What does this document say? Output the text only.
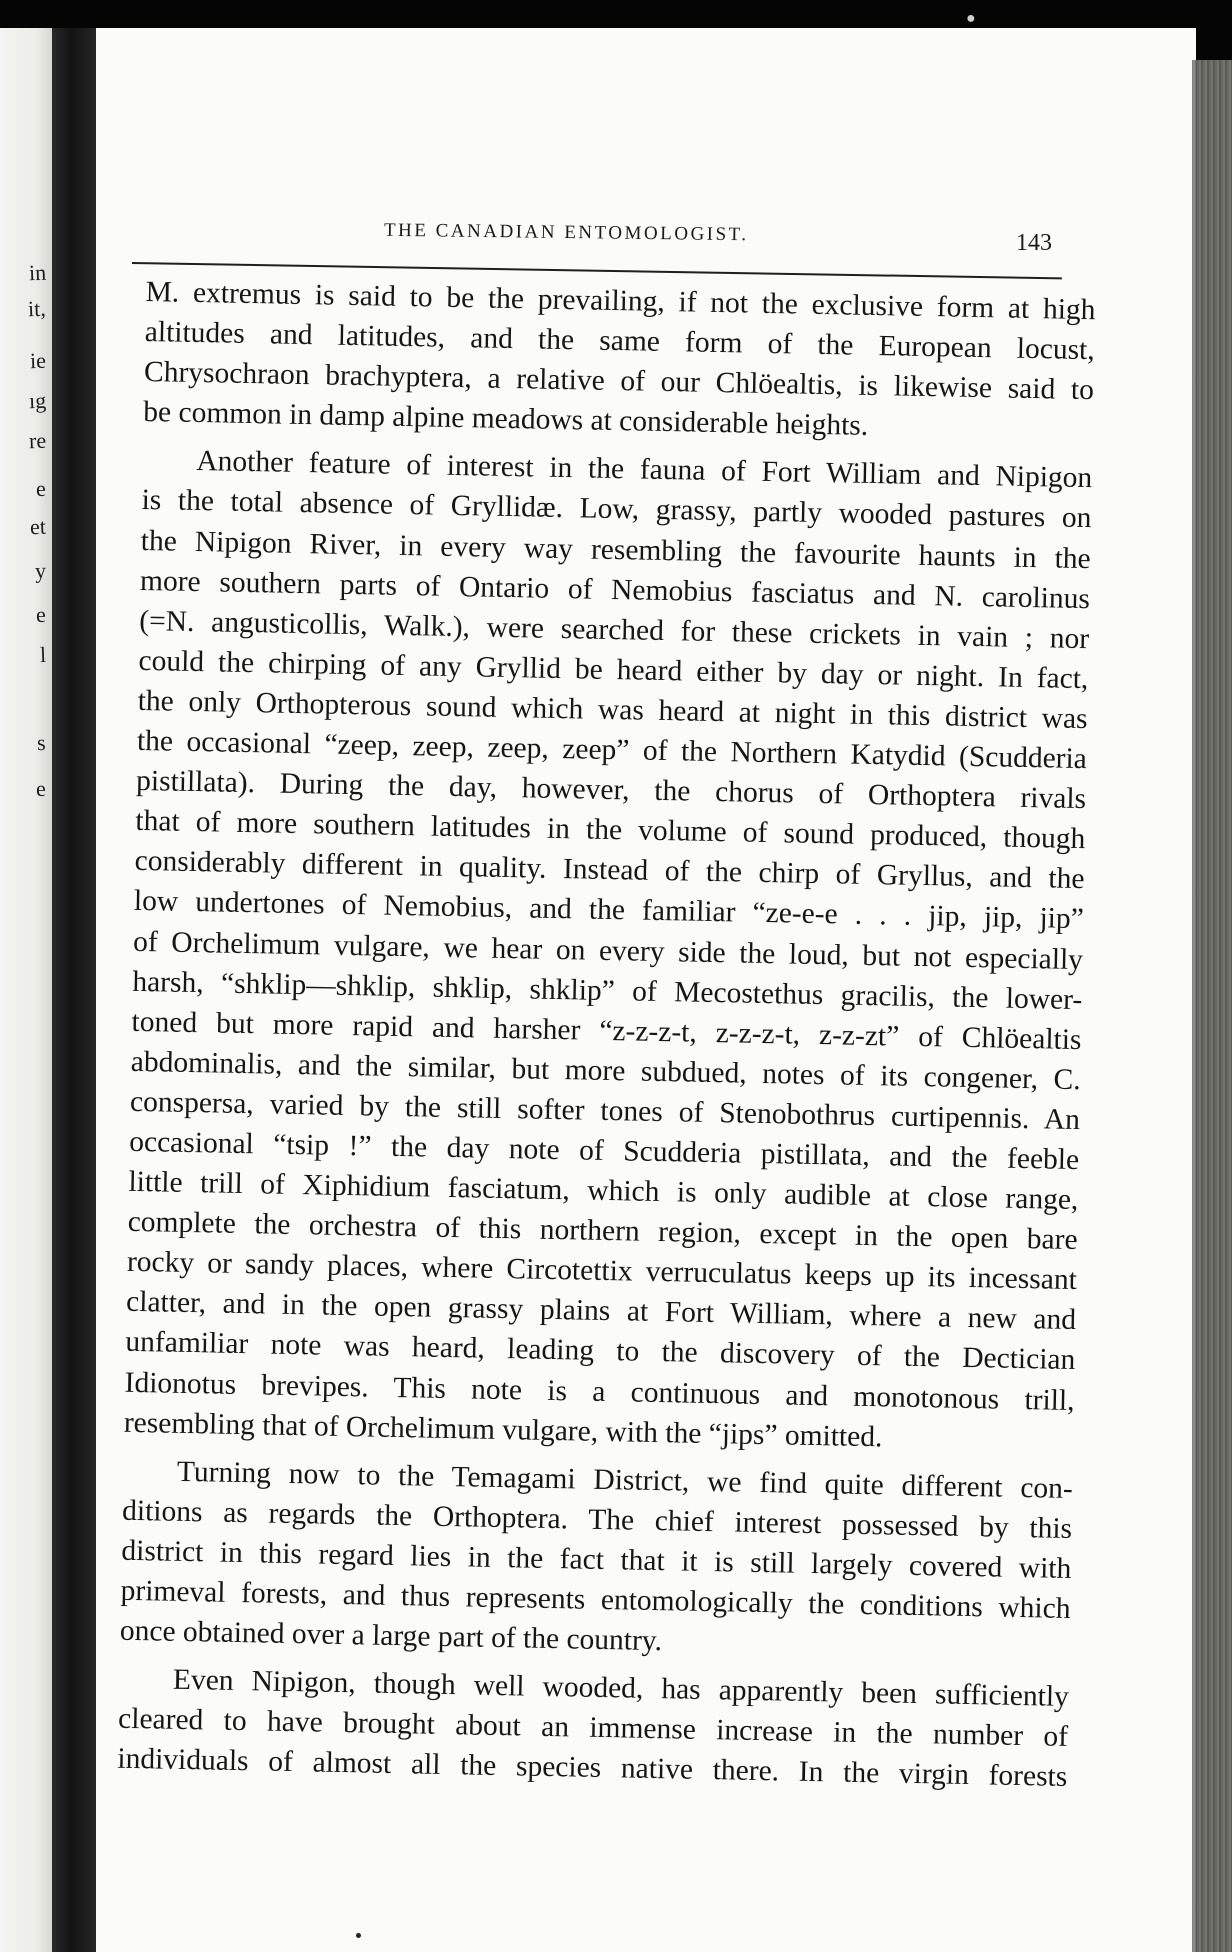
●
in
it,
ie
ıg
re
e
et
y
e
l
s
e
THE CANADIAN ENTOMOLOGIST.	143
M. extremus is said to be the prevailing, if not the exclusive form at high
altitudes and latitudes, and the same form of the European locust,
Chrysochraon brachyptera, a relative of our Chlöealtis, is likewise said to
be common in damp alpine meadows at considerable heights.
Another feature of interest in the fauna of Fort William and Nipigon
is the total absence of Gryllidæ. Low, grassy, partly wooded pastures on
the Nipigon River, in every way resembling the favourite haunts in the
more southern parts of Ontario of Nemobius fasciatus and N. carolinus
(=N. angusticollis, Walk.), were searched for these crickets in vain ; nor
could the chirping of any Gryllid be heard either by day or night. In fact,
the only Orthopterous sound which was heard at night in this district was
the occasional “zeep, zeep, zeep, zeep” of the Northern Katydid (Scudderia
pistillata). During the day, however, the chorus of Orthoptera rivals
that of more southern latitudes in the volume of sound produced, though
considerably different in quality. Instead of the chirp of Gryllus, and the
low undertones of Nemobius, and the familiar “ze-e-e . . . jip, jip, jip”
of Orchelimum vulgare, we hear on every side the loud, but not especially
harsh, “shklip—shklip, shklip, shklip” of Mecostethus gracilis, the lower-
toned but more rapid and harsher “z-z-z-t, z-z-z-t, z-z-zt” of Chlöealtis
abdominalis, and the similar, but more subdued, notes of its congener, C.
conspersa, varied by the still softer tones of Stenobothrus curtipennis. An
occasional “tsip !” the day note of Scudderia pistillata, and the feeble
little trill of Xiphidium fasciatum, which is only audible at close range,
complete the orchestra of this northern region, except in the open bare
rocky or sandy places, where Circotettix verruculatus keeps up its incessant
clatter, and in the open grassy plains at Fort William, where a new and
unfamiliar note was heard, leading to the discovery of the Dectician
Idionotus brevipes. This note is a continuous and monotonous trill,
resembling that of Orchelimum vulgare, with the “jips” omitted.
Turning now to the Temagami District, we find quite different con-
ditions as regards the Orthoptera. The chief interest possessed by this
district in this regard lies in the fact that it is still largely covered with
primeval forests, and thus represents entomologically the conditions which
once obtained over a large part of the country.
Even Nipigon, though well wooded, has apparently been sufficiently
cleared to have brought about an immense increase in the number of
individuals of almost all the species native there. In the virgin forests
